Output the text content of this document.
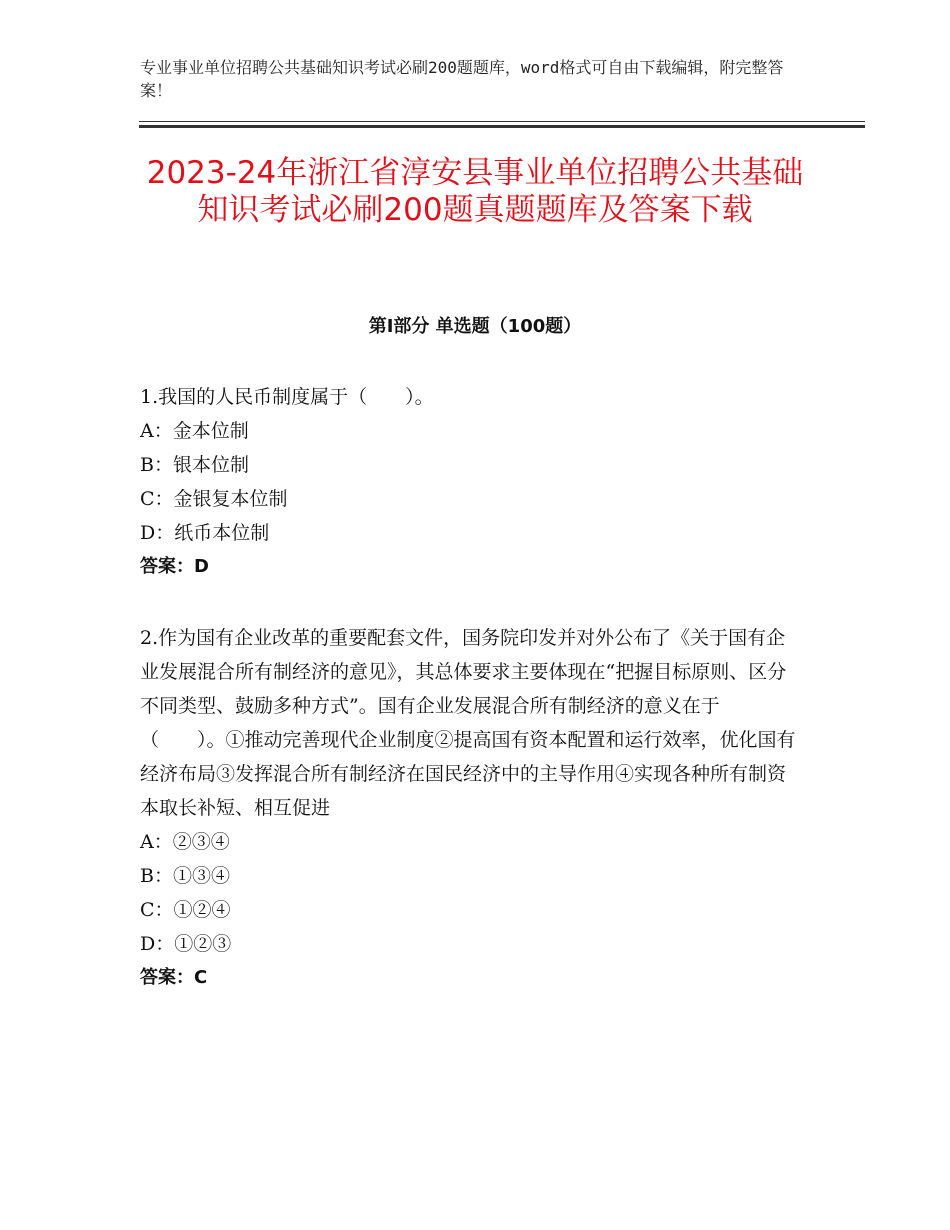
专业事业单位招聘公共基础知识考试必刷200题题库，word格式可自由下载编辑，附完整答案！
2023-24年浙江省淳安县事业单位招聘公共基础知识考试必刷200题真题题库及答案下载
第Ⅰ部分 单选题（100题）
1.我国的人民币制度属于（　　）。
A：金本位制
B：银本位制
C：金银复本位制
D：纸币本位制
答案：D
2.作为国有企业改革的重要配套文件，国务院印发并对外公布了《关于国有企业发展混合所有制经济的意见》，其总体要求主要体现在“把握目标原则、区分不同类型、鼓励多种方式”。国有企业发展混合所有制经济的意义在于（　　）。①推动完善现代企业制度②提高国有资本配置和运行效率，优化国有经济布局③发挥混合所有制经济在国民经济中的主导作用④实现各种所有制资本取长补短、相互促进
A：②③④
B：①③④
C：①②④
D：①②③
答案：C
